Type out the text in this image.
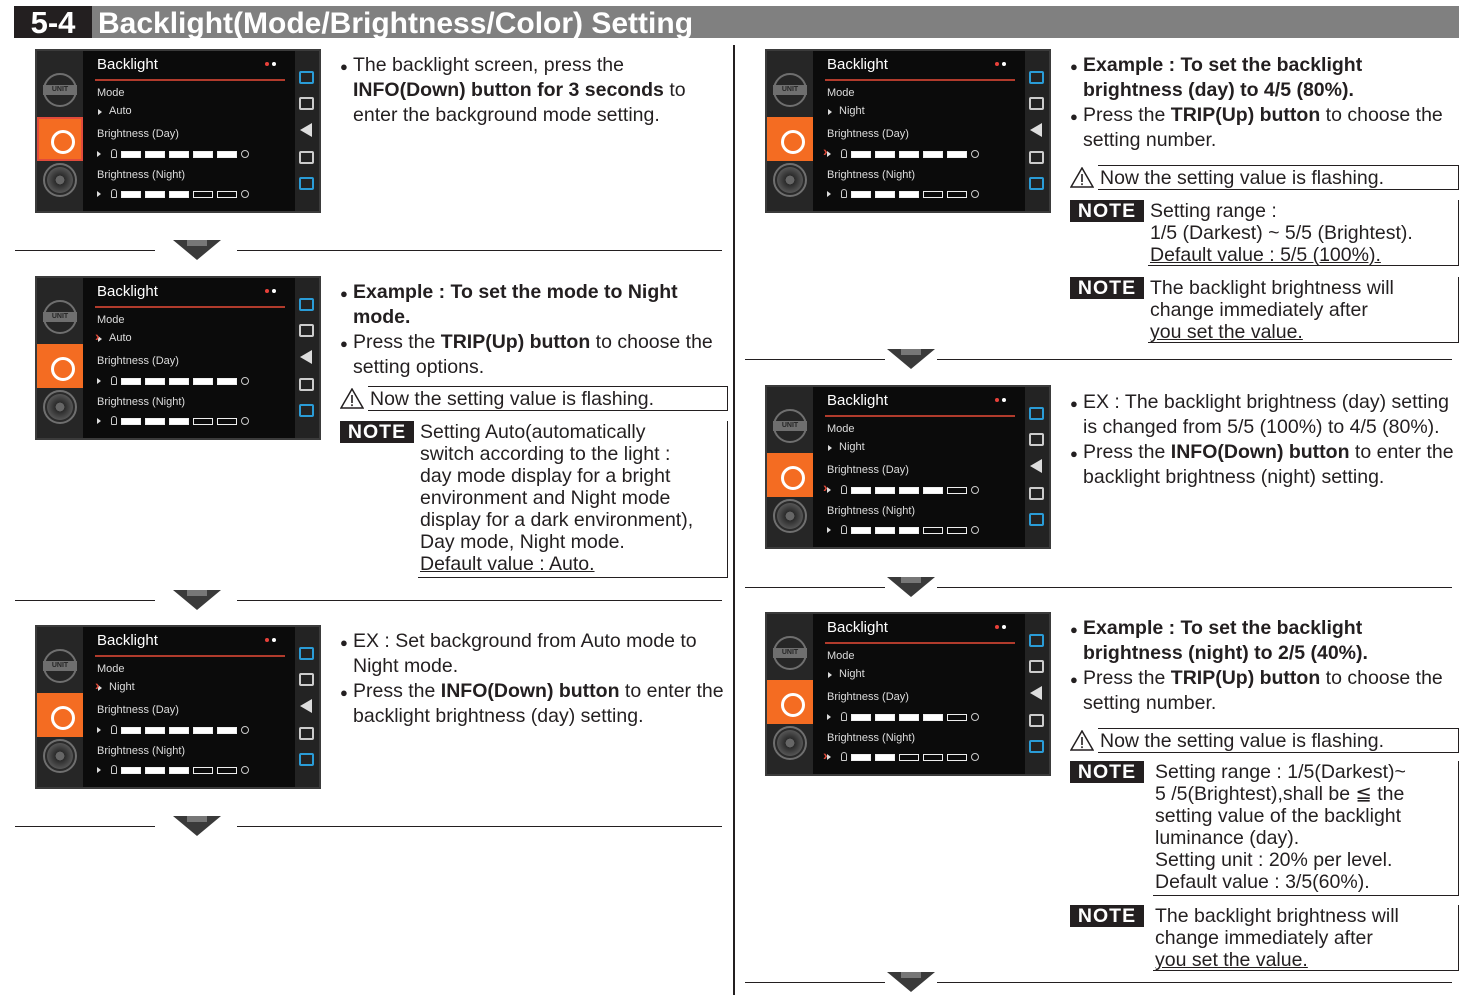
5-4 Backlight(Mode/Brightness/Color) Setting
UNIT
Backlight
Mode
Auto
Brightness (Day)
Brightness (Night)
UNIT
Backlight
Mode
Auto
Brightness (Day)
Brightness (Night)
›
UNIT
Backlight
Mode
Night
Brightness (Day)
Brightness (Night)
›
UNIT
Backlight
Mode
Night
Brightness (Day)
Brightness (Night)
›
UNIT
Backlight
Mode
Night
Brightness (Day)
Brightness (Night)
›
UNIT
Backlight
Mode
Night
Brightness (Day)
Brightness (Night)
›

● The backlight screen, press the INFO(Down) button for 3 seconds to enter the background mode setting.

● Example : To set the mode to Night mode.

● Press the TRIP(Up) button to choose the setting options.

Now the setting value is flashing.
NOTE Setting Auto(automatically
switch according to the light :
day mode display for a bright
environment and Night mode
display for a dark environment),
Day mode, Night mode.
Default value : Auto.

● EX : Set background from Auto mode to Night mode.

● Press the INFO(Down) button to enter the backlight brightness (day) setting.

● Example : To set the backlight brightness (day) to 4/5 (80%).

● Press the TRIP(Up) button to choose the setting number.

Now the setting value is flashing.
NOTE Setting range :
1/5 (Darkest) ~ 5/5 (Brightest).
Default value : 5/5 (100%).
NOTE The backlight brightness will
change immediately after
you set the value.

● EX : The backlight brightness (day) setting is changed from 5/5 (100%) to 4/5 (80%).

● Press the INFO(Down) button to enter the backlight brightness (night) setting.

● Example : To set the backlight brightness (night) to 2/5 (40%).

● Press the TRIP(Up) button to choose the setting number.

Now the setting value is flashing.
NOTE Setting range : 1/5(Darkest)~
5 /5(Brightest),shall be ≦ the
setting value of the backlight
luminance (day).
Setting unit : 20% per level.
Default value : 3/5(60%).
NOTE The backlight brightness will
change immediately after
you set the value.
